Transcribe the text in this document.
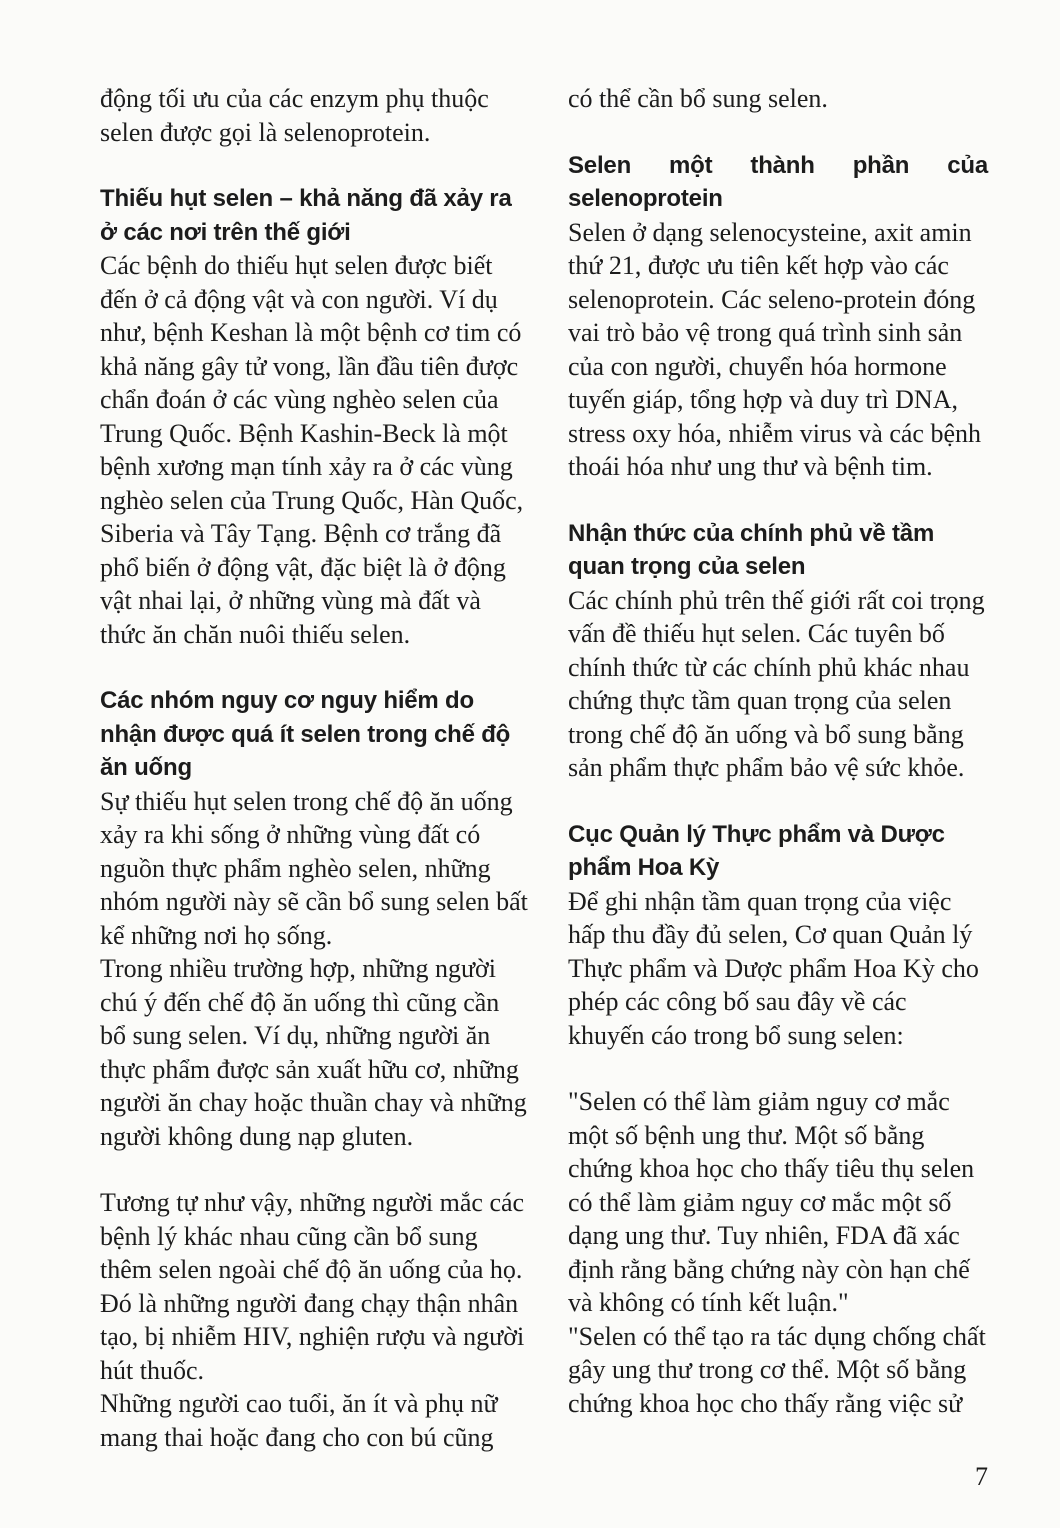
động tối ưu của các enzym phụ thuộc selen được gọi là selenoprotein.

Thiếu hụt selen – khả năng đã xảy ra ở các nơi trên thế giới

Các bệnh do thiếu hụt selen được biết đến ở cả động vật và con người. Ví dụ như, bệnh Keshan là một bệnh cơ tim có khả năng gây tử vong, lần đầu tiên được chẩn đoán ở các vùng nghèo selen của Trung Quốc. Bệnh Kashin-Beck là một bệnh xương mạn tính xảy ra ở các vùng nghèo selen của Trung Quốc, Hàn Quốc, Siberia và Tây Tạng. Bệnh cơ trắng đã phổ biến ở động vật, đặc biệt là ở động vật nhai lại, ở những vùng mà đất và thức ăn chăn nuôi thiếu selen.

Các nhóm nguy cơ nguy hiểm do nhận được quá ít selen trong chế độ ăn uống

Sự thiếu hụt selen trong chế độ ăn uống xảy ra khi sống ở những vùng đất có nguồn thực phẩm nghèo selen, những nhóm người này sẽ cần bổ sung selen bất kể những nơi họ sống.

Trong nhiều trường hợp, những người chú ý đến chế độ ăn uống thì cũng cần bổ sung selen. Ví dụ, những người ăn thực phẩm được sản xuất hữu cơ, những người ăn chay hoặc thuần chay và những người không dung nạp gluten.

Tương tự như vậy, những người mắc các bệnh lý khác nhau cũng cần bổ sung thêm selen ngoài chế độ ăn uống của họ. Đó là những người đang chạy thận nhân tạo, bị nhiễm HIV, nghiện rượu và người hút thuốc.

Những người cao tuổi, ăn ít và phụ nữ mang thai hoặc đang cho con bú cũng

có thể cần bổ sung selen.

Selen một thành phần của

selenoprotein

Selen ở dạng selenocysteine, axit amin thứ 21, được ưu tiên kết hợp vào các selenoprotein. Các seleno-protein đóng vai trò bảo vệ trong quá trình sinh sản của con người, chuyển hóa hormone tuyến giáp, tổng hợp và duy trì DNA, stress oxy hóa, nhiễm virus và các bệnh thoái hóa như ung thư và bệnh tim.

Nhận thức của chính phủ về tầm quan trọng của selen

Các chính phủ trên thế giới rất coi trọng vấn đề thiếu hụt selen. Các tuyên bố chính thức từ các chính phủ khác nhau chứng thực tầm quan trọng của selen trong chế độ ăn uống và bổ sung bằng sản phẩm thực phẩm bảo vệ sức khỏe.

Cục Quản lý Thực phẩm và Dược phẩm Hoa Kỳ

Để ghi nhận tầm quan trọng của việc hấp thu đầy đủ selen, Cơ quan Quản lý Thực phẩm và Dược phẩm Hoa Kỳ cho phép các công bố sau đây về các khuyến cáo trong bổ sung selen:

"Selen có thể làm giảm nguy cơ mắc một số bệnh ung thư. Một số bằng chứng khoa học cho thấy tiêu thụ selen có thể làm giảm nguy cơ mắc một số dạng ung thư. Tuy nhiên, FDA đã xác định rằng bằng chứng này còn hạn chế và không có tính kết luận."

"Selen có thể tạo ra tác dụng chống chất gây ung thư trong cơ thể. Một số bằng chứng khoa học cho thấy rằng việc sử

7
